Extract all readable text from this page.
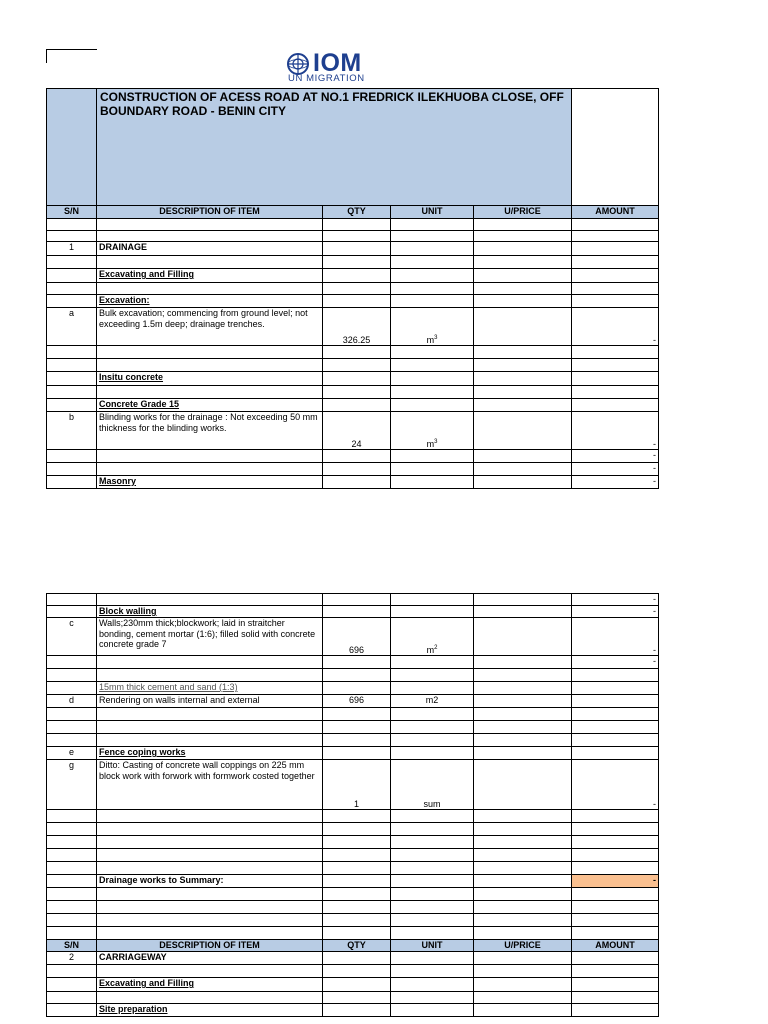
IOM
UN MIGRATION
	CONSTRUCTION OF ACESS ROAD AT NO.1 FREDRICK ILEKHUOBA CLOSE, OFF BOUNDARY ROAD - BENIN CITY				
S/N	DESCRIPTION OF ITEM	QTY	UNIT	U/PRICE	AMOUNT

1	DRAINAGE				

	Excavating and Filling				

	Excavation:				
a	Bulk excavation; commencing from ground level; not exceeding 1.5m deep; drainage trenches.	326.25	$m^3$		-

	Insitu concrete				

	Concrete Grade 15				
b	Blinding works for the drainage : Not exceeding 50 mm thickness for the blinding works.	24	$m^3$		-
					-
					-
	Masonry				-
					-
	Block walling				-
c	Walls;230mm thick;blockwork; laid in straitcher bonding, cement mortar (1:6); filled solid with concrete concrete grade 7	696	$m^2$		-
					-

	15mm thick cement and sand (1:3)				
d	Rendering on walls internal and external	696	m2		

e	Fence coping works				
g	Ditto: Casting of concrete wall coppings on 225 mm block work with forwork with formwork costed together	1	sum		-

	Drainage works to Summary:				-

S/N	DESCRIPTION OF ITEM	QTY	UNIT	U/PRICE	AMOUNT
2	CARRIAGEWAY				

	Excavating and Filling				

	Site preparation				
